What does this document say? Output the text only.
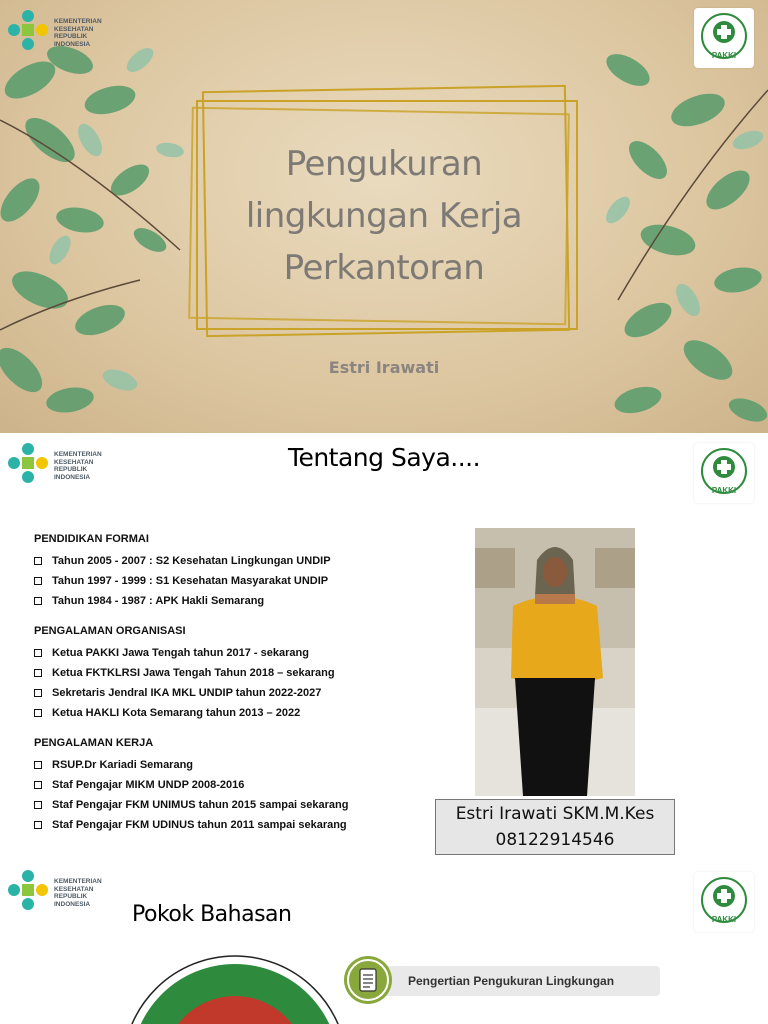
KEMENTERIAN
KESEHATAN
REPUBLIK
INDONESIA
PAKKI
Pengukuran
lingkungan Kerja
Perkantoran
Estri Irawati
KEMENTERIAN
KESEHATAN
REPUBLIK
INDONESIA
PAKKI
Tentang Saya....
PENDIDIKAN FORMAI
Tahun 2005 - 2007 : S2 Kesehatan Lingkungan UNDIP
Tahun 1997 - 1999 : S1 Kesehatan Masyarakat UNDIP
Tahun 1984 - 1987 : APK Hakli Semarang
PENGALAMAN ORGANISASI
Ketua PAKKI Jawa Tengah tahun 2017 - sekarang
Ketua FKTKLRSI Jawa Tengah Tahun 2018 – sekarang
Sekretaris Jendral IKA MKL UNDIP tahun 2022-2027
Ketua HAKLI Kota Semarang tahun 2013 – 2022
PENGALAMAN KERJA
RSUP.Dr Kariadi Semarang
Staf Pengajar MIKM UNDP 2008-2016
Staf Pengajar FKM UNIMUS tahun 2015 sampai sekarang
Staf Pengajar FKM UDINUS tahun 2011 sampai sekarang
Estri Irawati SKM.M.Kes
08122914546
KEMENTERIAN
KESEHATAN
REPUBLIK
INDONESIA
PAKKI
Pokok Bahasan
Pengertian Pengukuran Lingkungan
